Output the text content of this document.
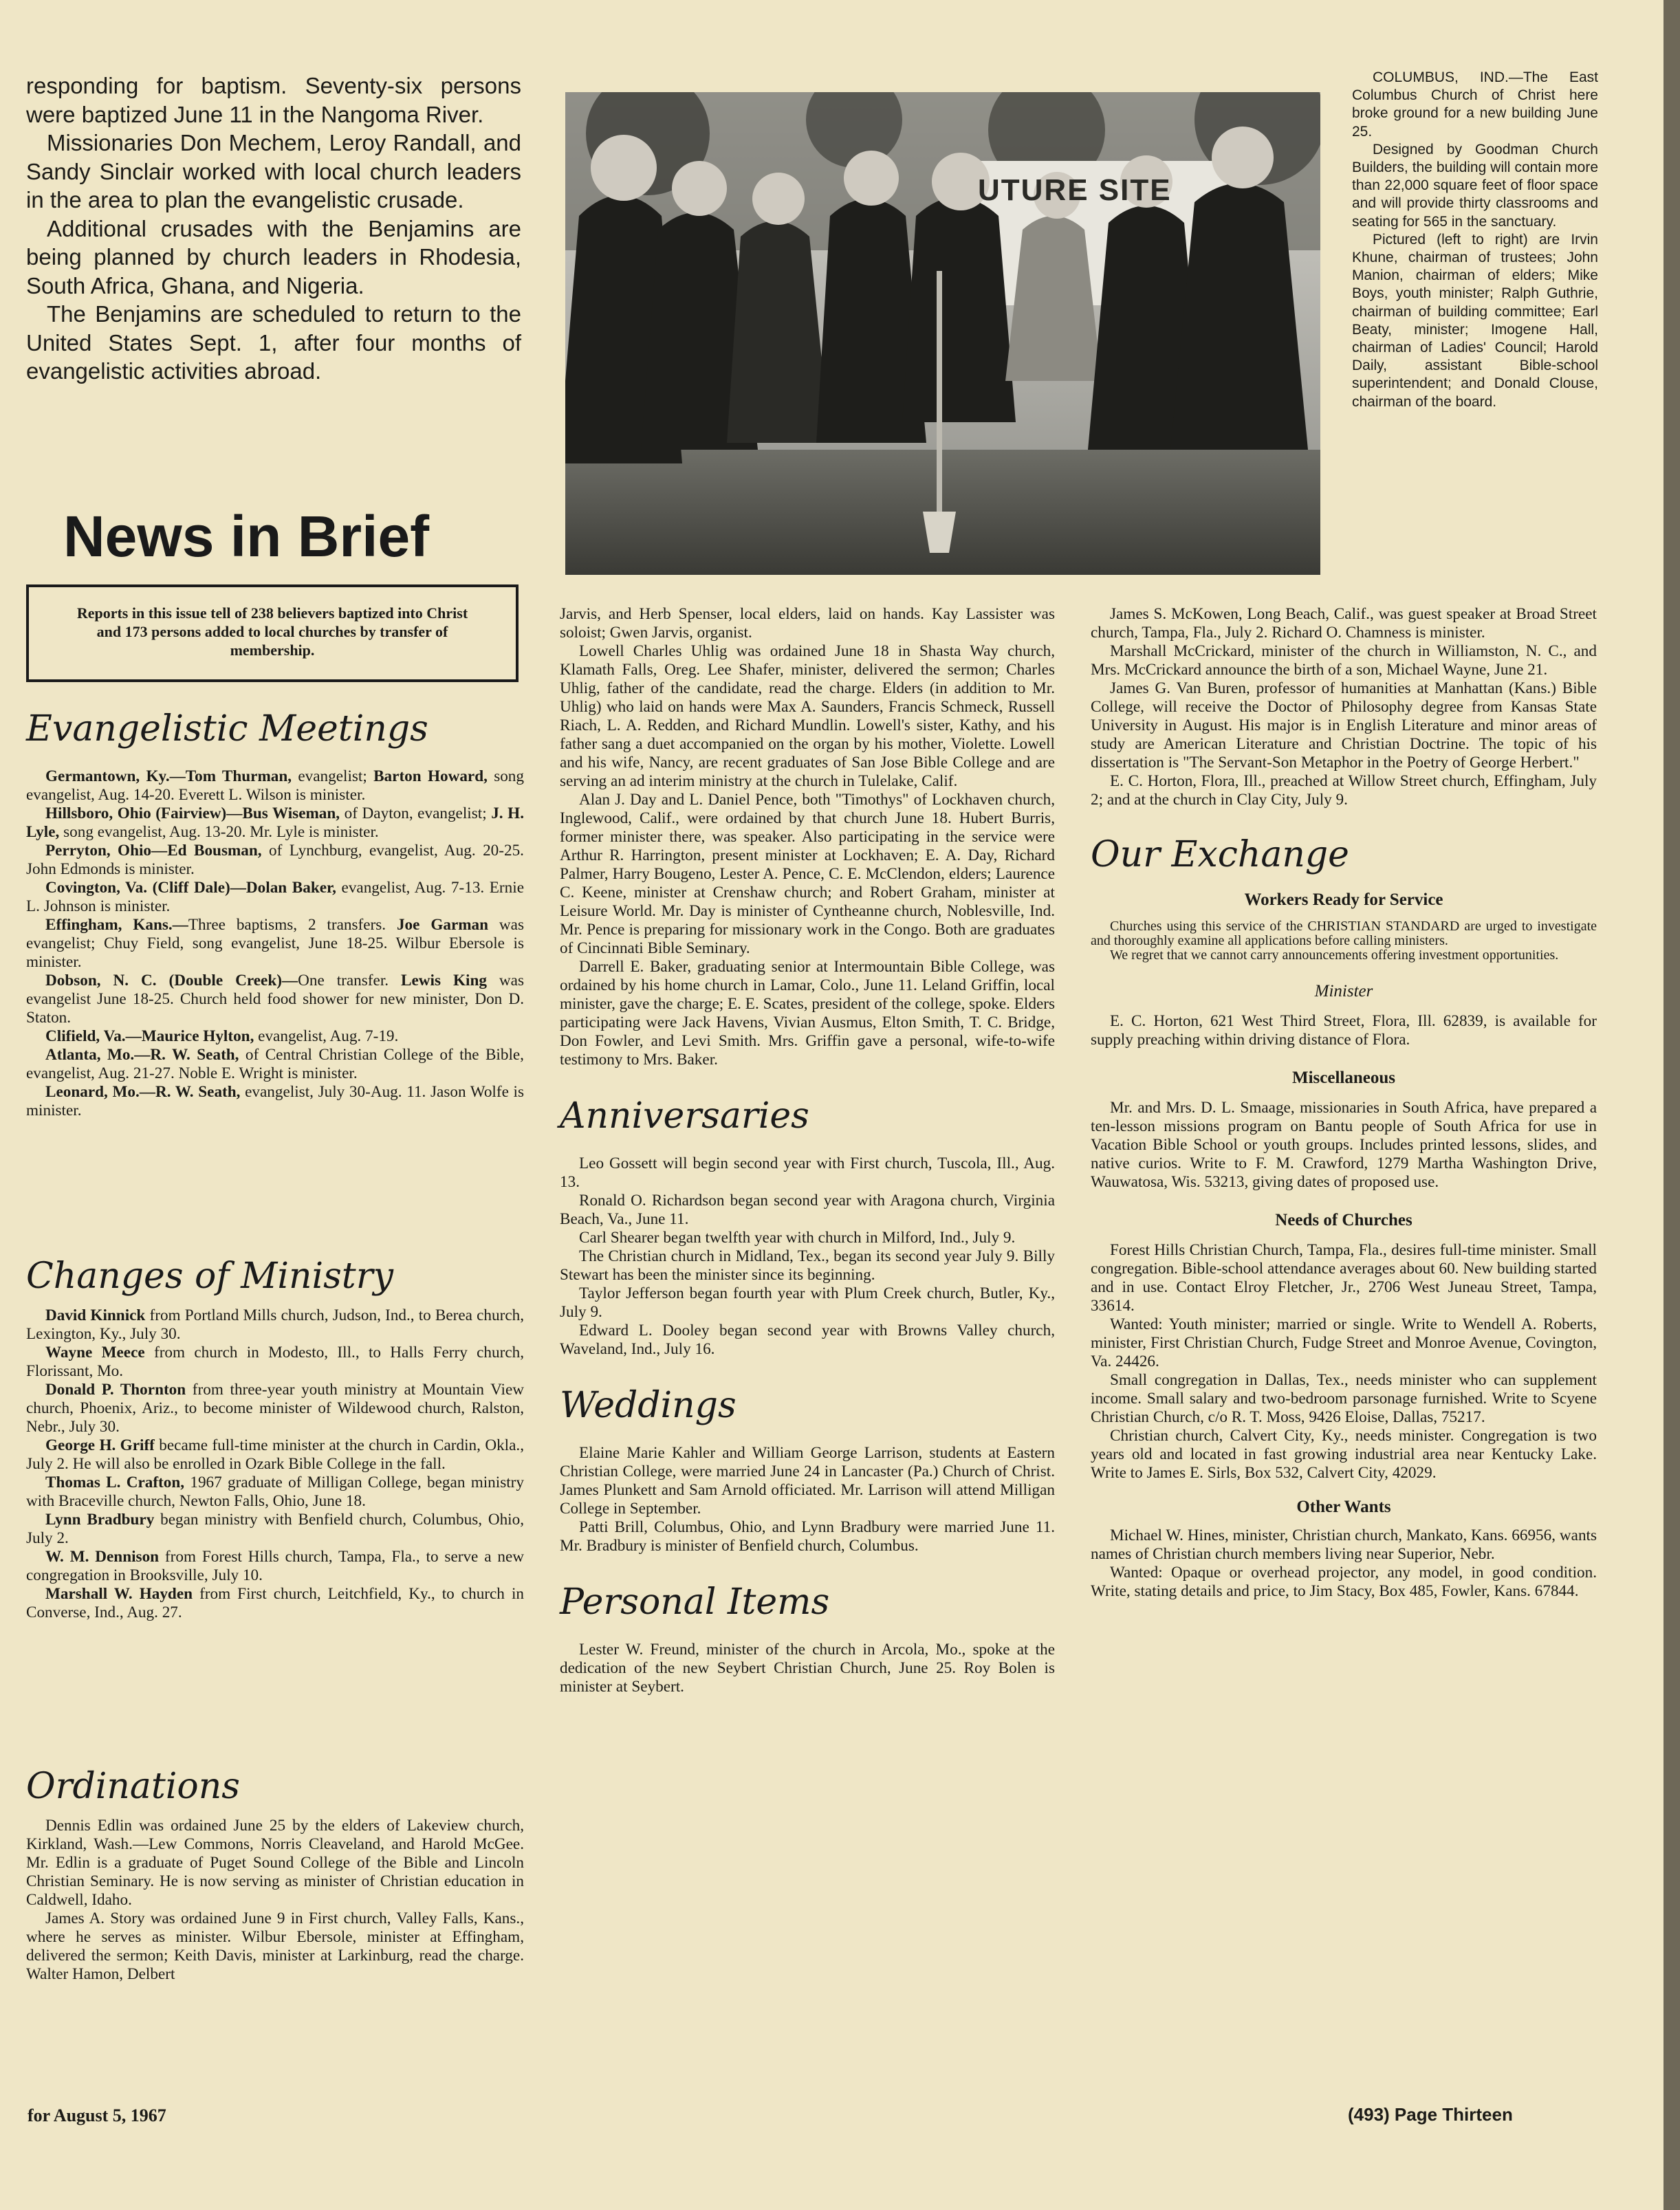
responding for baptism. Seventy-six persons were baptized June 11 in the Nangoma River.

Missionaries Don Mechem, Leroy Randall, and Sandy Sinclair worked with local church leaders in the area to plan the evangelistic crusade.

Additional crusades with the Benjamins are being planned by church leaders in Rhodesia, South Africa, Ghana, and Nigeria.

The Benjamins are scheduled to return to the United States Sept. 1, after four months of evangelistic activities abroad.

News in Brief

Reports in this issue tell of 238 believers baptized into Christ and 173 persons added to local churches by transfer of membership.

Evangelistic Meetings

Germantown, Ky.—Tom Thurman, evangelist; Barton Howard, song evangelist, Aug. 14-20. Everett L. Wilson is minister.

Hillsboro, Ohio (Fairview)—Bus Wiseman, of Dayton, evangelist; J. H. Lyle, song evangelist, Aug. 13-20. Mr. Lyle is minister.

Perryton, Ohio—Ed Bousman, of Lynchburg, evangelist, Aug. 20-25. John Edmonds is minister.

Covington, Va. (Cliff Dale)—Dolan Baker, evangelist, Aug. 7-13. Ernie L. Johnson is minister.

Effingham, Kans.—Three baptisms, 2 transfers. Joe Garman was evangelist; Chuy Field, song evangelist, June 18-25. Wilbur Ebersole is minister.

Dobson, N. C. (Double Creek)—One transfer. Lewis King was evangelist June 18-25. Church held food shower for new minister, Don D. Staton.

Clifield, Va.—Maurice Hylton, evangelist, Aug. 7-19.

Atlanta, Mo.—R. W. Seath, of Central Christian College of the Bible, evangelist, Aug. 21-27. Noble E. Wright is minister.

Leonard, Mo.—R. W. Seath, evangelist, July 30-Aug. 11. Jason Wolfe is minister.

Changes of Ministry

David Kinnick from Portland Mills church, Judson, Ind., to Berea church, Lexington, Ky., July 30.

Wayne Meece from church in Modesto, Ill., to Halls Ferry church, Florissant, Mo.

Donald P. Thornton from three-year youth ministry at Mountain View church, Phoenix, Ariz., to become minister of Wildewood church, Ralston, Nebr., July 30.

George H. Griff became full-time minister at the church in Cardin, Okla., July 2. He will also be enrolled in Ozark Bible College in the fall.

Thomas L. Crafton, 1967 graduate of Milligan College, began ministry with Braceville church, Newton Falls, Ohio, June 18.

Lynn Bradbury began ministry with Benfield church, Columbus, Ohio, July 2.

W. M. Dennison from Forest Hills church, Tampa, Fla., to serve a new congregation in Brooksville, July 10.

Marshall W. Hayden from First church, Leitchfield, Ky., to church in Converse, Ind., Aug. 27.

Ordinations

Dennis Edlin was ordained June 25 by the elders of Lakeview church, Kirkland, Wash.—Lew Commons, Norris Cleaveland, and Harold McGee. Mr. Edlin is a graduate of Puget Sound College of the Bible and Lincoln Christian Seminary. He is now serving as minister of Christian education in Caldwell, Idaho.

James A. Story was ordained June 9 in First church, Valley Falls, Kans., where he serves as minister. Wilbur Ebersole, minister at Effingham, delivered the sermon; Keith Davis, minister at Larkinburg, read the charge. Walter Hamon, Delbert

UTURE SITE

COLUMBUS, IND.—The East Columbus Church of Christ here broke ground for a new building June 25.

Designed by Goodman Church Builders, the building will contain more than 22,000 square feet of floor space and will provide thirty classrooms and seating for 565 in the sanctuary.

Pictured (left to right) are Irvin Khune, chairman of trustees; John Manion, chairman of elders; Mike Boys, youth minister; Ralph Guthrie, chairman of building committee; Earl Beaty, minister; Imogene Hall, chairman of Ladies' Council; Harold Daily, assistant Bible-school superintendent; and Donald Clouse, chairman of the board.

Jarvis, and Herb Spenser, local elders, laid on hands. Kay Lassister was soloist; Gwen Jarvis, organist.

Lowell Charles Uhlig was ordained June 18 in Shasta Way church, Klamath Falls, Oreg. Lee Shafer, minister, delivered the sermon; Charles Uhlig, father of the candidate, read the charge. Elders (in addition to Mr. Uhlig) who laid on hands were Max A. Saunders, Francis Schmeck, Russell Riach, L. A. Redden, and Richard Mundlin. Lowell's sister, Kathy, and his father sang a duet accompanied on the organ by his mother, Violette. Lowell and his wife, Nancy, are recent graduates of San Jose Bible College and are serving an ad interim ministry at the church in Tulelake, Calif.

Alan J. Day and L. Daniel Pence, both "Timothys" of Lockhaven church, Inglewood, Calif., were ordained by that church June 18. Hubert Burris, former minister there, was speaker. Also participating in the service were Arthur R. Harrington, present minister at Lockhaven; E. A. Day, Richard Palmer, Harry Bougeno, Lester A. Pence, C. E. McClendon, elders; Laurence C. Keene, minister at Crenshaw church; and Robert Graham, minister at Leisure World. Mr. Day is minister of Cyntheanne church, Noblesville, Ind. Mr. Pence is preparing for missionary work in the Congo. Both are graduates of Cincinnati Bible Seminary.

Darrell E. Baker, graduating senior at Intermountain Bible College, was ordained by his home church in Lamar, Colo., June 11. Leland Griffin, local minister, gave the charge; E. E. Scates, president of the college, spoke. Elders participating were Jack Havens, Vivian Ausmus, Elton Smith, T. C. Bridge, Don Fowler, and Levi Smith. Mrs. Griffin gave a personal, wife-to-wife testimony to Mrs. Baker.

Anniversaries

Leo Gossett will begin second year with First church, Tuscola, Ill., Aug. 13.

Ronald O. Richardson began second year with Aragona church, Virginia Beach, Va., June 11.

Carl Shearer began twelfth year with church in Milford, Ind., July 9.

The Christian church in Midland, Tex., began its second year July 9. Billy Stewart has been the minister since its beginning.

Taylor Jefferson began fourth year with Plum Creek church, Butler, Ky., July 9.

Edward L. Dooley began second year with Browns Valley church, Waveland, Ind., July 16.

Weddings

Elaine Marie Kahler and William George Larrison, students at Eastern Christian College, were married June 24 in Lancaster (Pa.) Church of Christ. James Plunkett and Sam Arnold officiated. Mr. Larrison will attend Milligan College in September.

Patti Brill, Columbus, Ohio, and Lynn Bradbury were married June 11. Mr. Bradbury is minister of Benfield church, Columbus.

Personal Items

Lester W. Freund, minister of the church in Arcola, Mo., spoke at the dedication of the new Seybert Christian Church, June 25. Roy Bolen is minister at Seybert.

James S. McKowen, Long Beach, Calif., was guest speaker at Broad Street church, Tampa, Fla., July 2. Richard O. Chamness is minister.

Marshall McCrickard, minister of the church in Williamston, N. C., and Mrs. McCrickard announce the birth of a son, Michael Wayne, June 21.

James G. Van Buren, professor of humanities at Manhattan (Kans.) Bible College, will receive the Doctor of Philosophy degree from Kansas State University in August. His major is in English Literature and minor areas of study are American Literature and Christian Doctrine. The topic of his dissertation is "The Servant-Son Metaphor in the Poetry of George Herbert."

E. C. Horton, Flora, Ill., preached at Willow Street church, Effingham, July 2; and at the church in Clay City, July 9.

Our Exchange

Workers Ready for Service

Churches using this service of the CHRISTIAN STANDARD are urged to investigate and thoroughly examine all applications before calling ministers.

We regret that we cannot carry announcements offering investment opportunities.

Minister

E. C. Horton, 621 West Third Street, Flora, Ill. 62839, is available for supply preaching within driving distance of Flora.

Miscellaneous

Mr. and Mrs. D. L. Smaage, missionaries in South Africa, have prepared a ten-lesson missions program on Bantu people of South Africa for use in Vacation Bible School or youth groups. Includes printed lessons, slides, and native curios. Write to F. M. Crawford, 1279 Martha Washington Drive, Wauwatosa, Wis. 53213, giving dates of proposed use.

Needs of Churches

Forest Hills Christian Church, Tampa, Fla., desires full-time minister. Small congregation. Bible-school attendance averages about 60. New building started and in use. Contact Elroy Fletcher, Jr., 2706 West Juneau Street, Tampa, 33614.

Wanted: Youth minister; married or single. Write to Wendell A. Roberts, minister, First Christian Church, Fudge Street and Monroe Avenue, Covington, Va. 24426.

Small congregation in Dallas, Tex., needs minister who can supplement income. Small salary and two-bedroom parsonage furnished. Write to Scyene Christian Church, c/o R. T. Moss, 9426 Eloise, Dallas, 75217.

Christian church, Calvert City, Ky., needs minister. Congregation is two years old and located in fast growing industrial area near Kentucky Lake. Write to James E. Sirls, Box 532, Calvert City, 42029.

Other Wants

Michael W. Hines, minister, Christian church, Mankato, Kans. 66956, wants names of Christian church members living near Superior, Nebr.

Wanted: Opaque or overhead projector, any model, in good condition. Write, stating details and price, to Jim Stacy, Box 485, Fowler, Kans. 67844.

for August 5, 1967	(493) Page Thirteen
